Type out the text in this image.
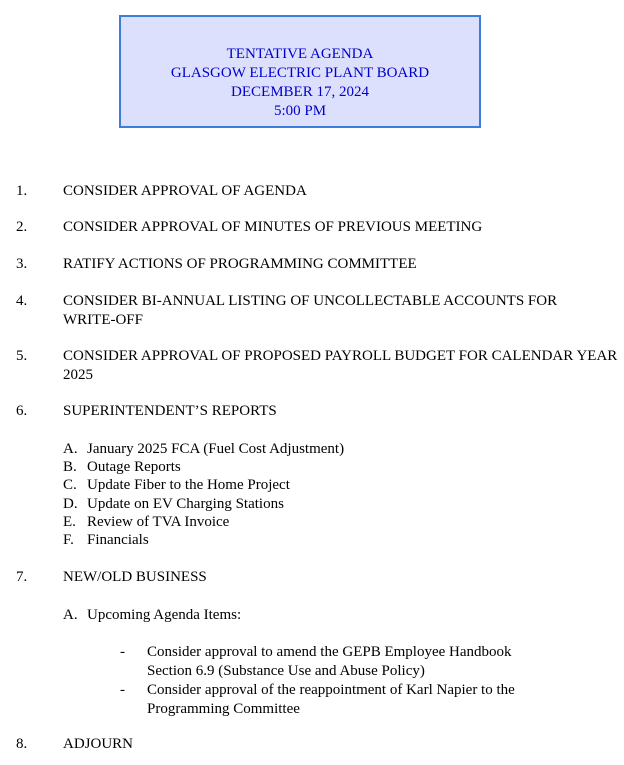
TENTATIVE AGENDA
GLASGOW ELECTRIC PLANT BOARD
DECEMBER 17, 2024
5:00 PM
1. CONSIDER APPROVAL OF AGENDA
2. CONSIDER APPROVAL OF MINUTES OF PREVIOUS MEETING
3. RATIFY ACTIONS OF PROGRAMMING COMMITTEE
4. CONSIDER BI-ANNUAL LISTING OF UNCOLLECTABLE ACCOUNTS FOR WRITE-OFF
5. CONSIDER APPROVAL OF PROPOSED PAYROLL BUDGET FOR CALENDAR YEAR 2025
6. SUPERINTENDENT’S REPORTS
A. January 2025 FCA (Fuel Cost Adjustment)
B. Outage Reports
C. Update Fiber to the Home Project
D. Update on EV Charging Stations
E. Review of TVA Invoice
F. Financials
7. NEW/OLD BUSINESS
A. Upcoming Agenda Items:
- Consider approval to amend the GEPB Employee Handbook Section 6.9 (Substance Use and Abuse Policy)
- Consider approval of the reappointment of Karl Napier to the Programming Committee
8. ADJOURN
